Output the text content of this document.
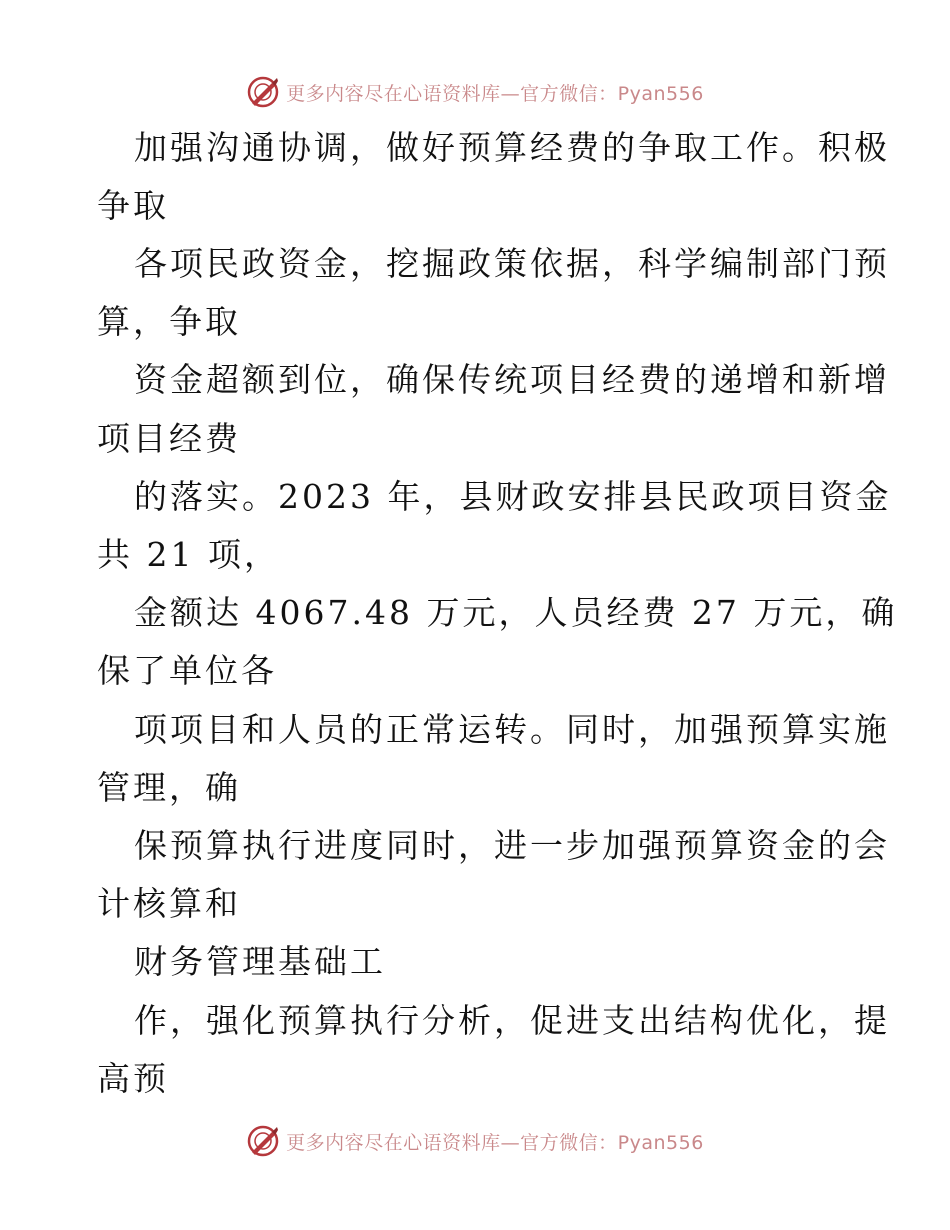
更多内容尽在心语资料库—官方微信：Pyan556
加强沟通协调，做好预算经费的争取工作。积极
争取
各项民政资金，挖掘政策依据，科学编制部门预
算，争取
资金超额到位，确保传统项目经费的递增和新增
项目经费
的落实。2023 年，县财政安排县民政项目资金
共 21 项，
金额达 4067.48 万元，人员经费 27 万元，确
保了单位各
项项目和人员的正常运转。同时，加强预算实施
管理，确
保预算执行进度同时，进一步加强预算资金的会
计核算和
财务管理基础工
作，强化预算执行分析，促进支出结构优化，提
高预
更多内容尽在心语资料库—官方微信：Pyan556
